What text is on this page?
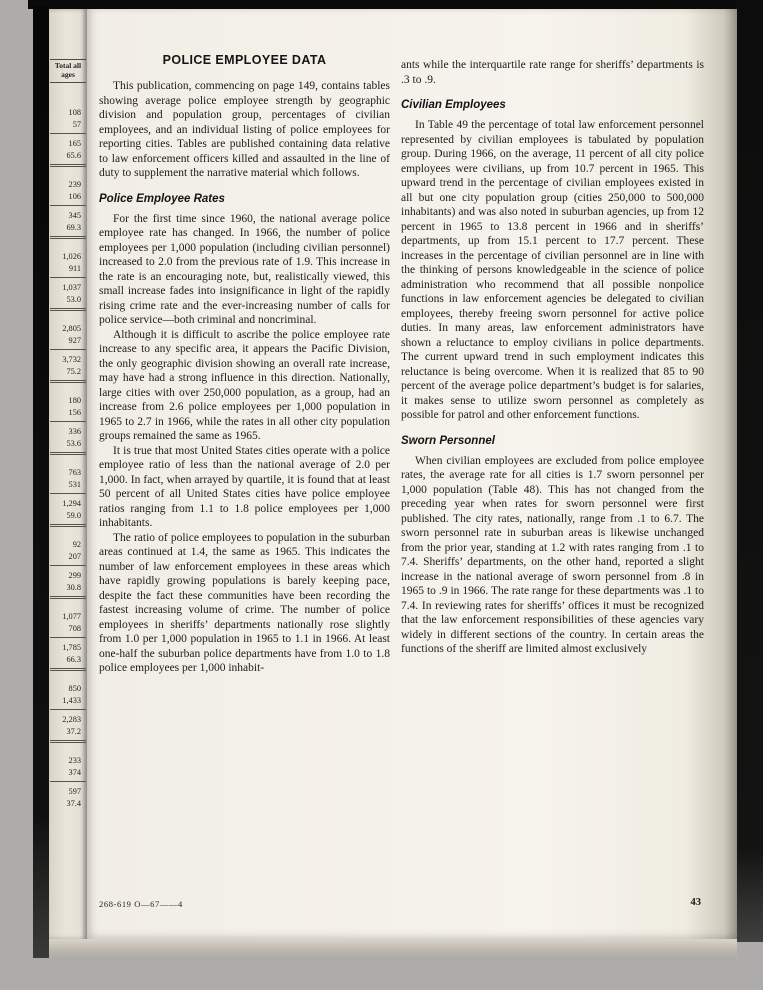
Total all ages
108
57
165
65.6
239
106
345
69.3
1,026
911
1,037
53.0
2,805
927
3,732
75.2
180
156
336
53.6
763
531
1,294
59.0
92
207
299
30.8
1,077
708
1,785
66.3
850
1,433
2,283
37.2
233
374
597
37.4
POLICE EMPLOYEE DATA

This publication, commencing on page 149, contains tables showing average police employee strength by geographic division and population group, percentages of civilian employees, and an individual listing of police employees for reporting cities. Tables are published containing data relative to law enforcement officers killed and assaulted in the line of duty to supplement the narrative material which follows.

Police Employee Rates

For the first time since 1960, the national average police employee rate has changed. In 1966, the number of police employees per 1,000 population (including civilian personnel) increased to 2.0 from the previous rate of 1.9. This increase in the rate is an encouraging note, but, realistically viewed, this small increase fades into insignificance in light of the rapidly rising crime rate and the ever-increasing number of calls for police service—both criminal and noncriminal.

Although it is difficult to ascribe the police employee rate increase to any specific area, it appears the Pacific Division, the only geographic division showing an overall rate increase, may have had a strong influence in this direction. Nationally, large cities with over 250,000 population, as a group, had an increase from 2.6 police employees per 1,000 population in 1965 to 2.7 in 1966, while the rates in all other city population groups remained the same as 1965.

It is true that most United States cities operate with a police employee ratio of less than the national average of 2.0 per 1,000. In fact, when arrayed by quartile, it is found that at least 50 percent of all United States cities have police employee ratios ranging from 1.1 to 1.8 police employees per 1,000 inhabitants.

The ratio of police employees to population in the suburban areas continued at 1.4, the same as 1965. This indicates the number of law enforcement employees in these areas which have rapidly growing populations is barely keeping pace, despite the fact these communities have been recording the fastest increasing volume of crime. The number of police employees in sheriffs’ departments nationally rose slightly from 1.0 per 1,000 population in 1965 to 1.1 in 1966. At least one-half the suburban police departments have from 1.0 to 1.8 police employees per 1,000 inhabit-

ants while the interquartile rate range for sheriffs’ departments is .3 to .9.

Civilian Employees

In Table 49 the percentage of total law enforcement personnel represented by civilian employees is tabulated by population group. During 1966, on the average, 11 percent of all city police employees were civilians, up from 10.7 percent in 1965. This upward trend in the percentage of civilian employees existed in all but one city population group (cities 250,000 to 500,000 inhabitants) and was also noted in suburban agencies, up from 12 percent in 1965 to 13.8 percent in 1966 and in sheriffs’ departments, up from 15.1 percent to 17.7 percent. These increases in the percentage of civilian personnel are in line with the thinking of persons knowledgeable in the science of police administration who recommend that all possible nonpolice functions in law enforcement agencies be delegated to civilian employees, thereby freeing sworn personnel for active police duties. In many areas, law enforcement administrators have shown a reluctance to employ civilians in police departments. The current upward trend in such employment indicates this reluctance is being overcome. When it is realized that 85 to 90 percent of the average police department’s budget is for salaries, it makes sense to utilize sworn personnel as completely as possible for patrol and other enforcement functions.

Sworn Personnel

When civilian employees are excluded from police employee rates, the average rate for all cities is 1.7 sworn personnel per 1,000 population (Table 48). This has not changed from the preceding year when rates for sworn personnel were first published. The city rates, nationally, range from .1 to 6.7. The sworn personnel rate in suburban areas is likewise unchanged from the prior year, standing at 1.2 with rates ranging from .1 to 7.4. Sheriffs’ departments, on the other hand, reported a slight increase in the national average of sworn personnel from .8 in 1965 to .9 in 1966. The rate range for these departments was .1 to 7.4. In reviewing rates for sheriffs’ offices it must be recognized that the law enforcement responsibilities of these agencies vary widely in different sections of the country. In certain areas the functions of the sheriff are limited almost exclusively

268-619 O—67——4	43
